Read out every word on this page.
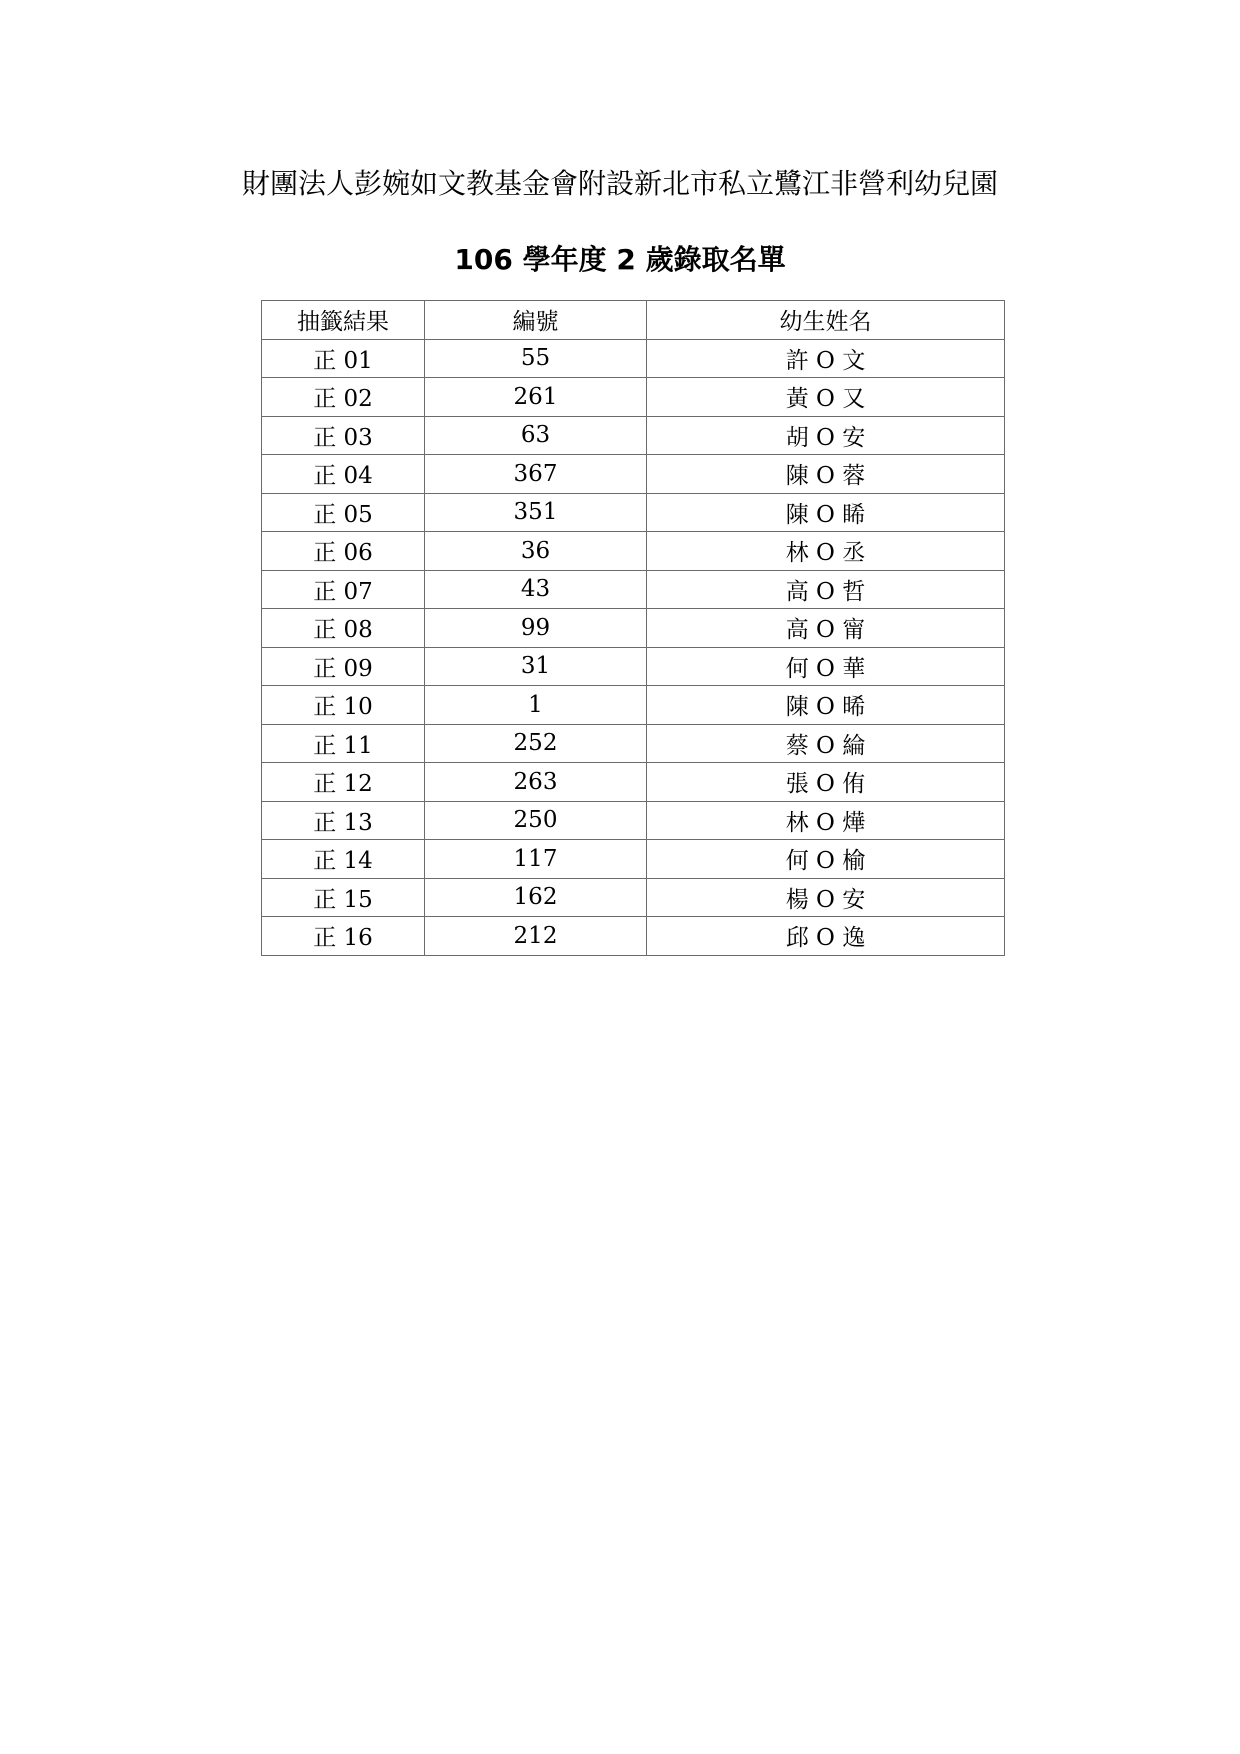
財團法人彭婉如文教基金會附設新北市私立鷺江非營利幼兒園
106 學年度 2 歲錄取名單
抽籤結果	編號	幼生姓名
正 01	55	許 O 文
正 02	261	黃 O 又
正 03	63	胡 O 安
正 04	367	陳 O 蓉
正 05	351	陳 O 睎
正 06	36	林 O 丞
正 07	43	高 O 哲
正 08	99	高 O 甯
正 09	31	何 O 華
正 10	1	陳 O 晞
正 11	252	蔡 O 綸
正 12	263	張 O 侑
正 13	250	林 O 燁
正 14	117	何 O 榆
正 15	162	楊 O 安
正 16	212	邱 O 逸
